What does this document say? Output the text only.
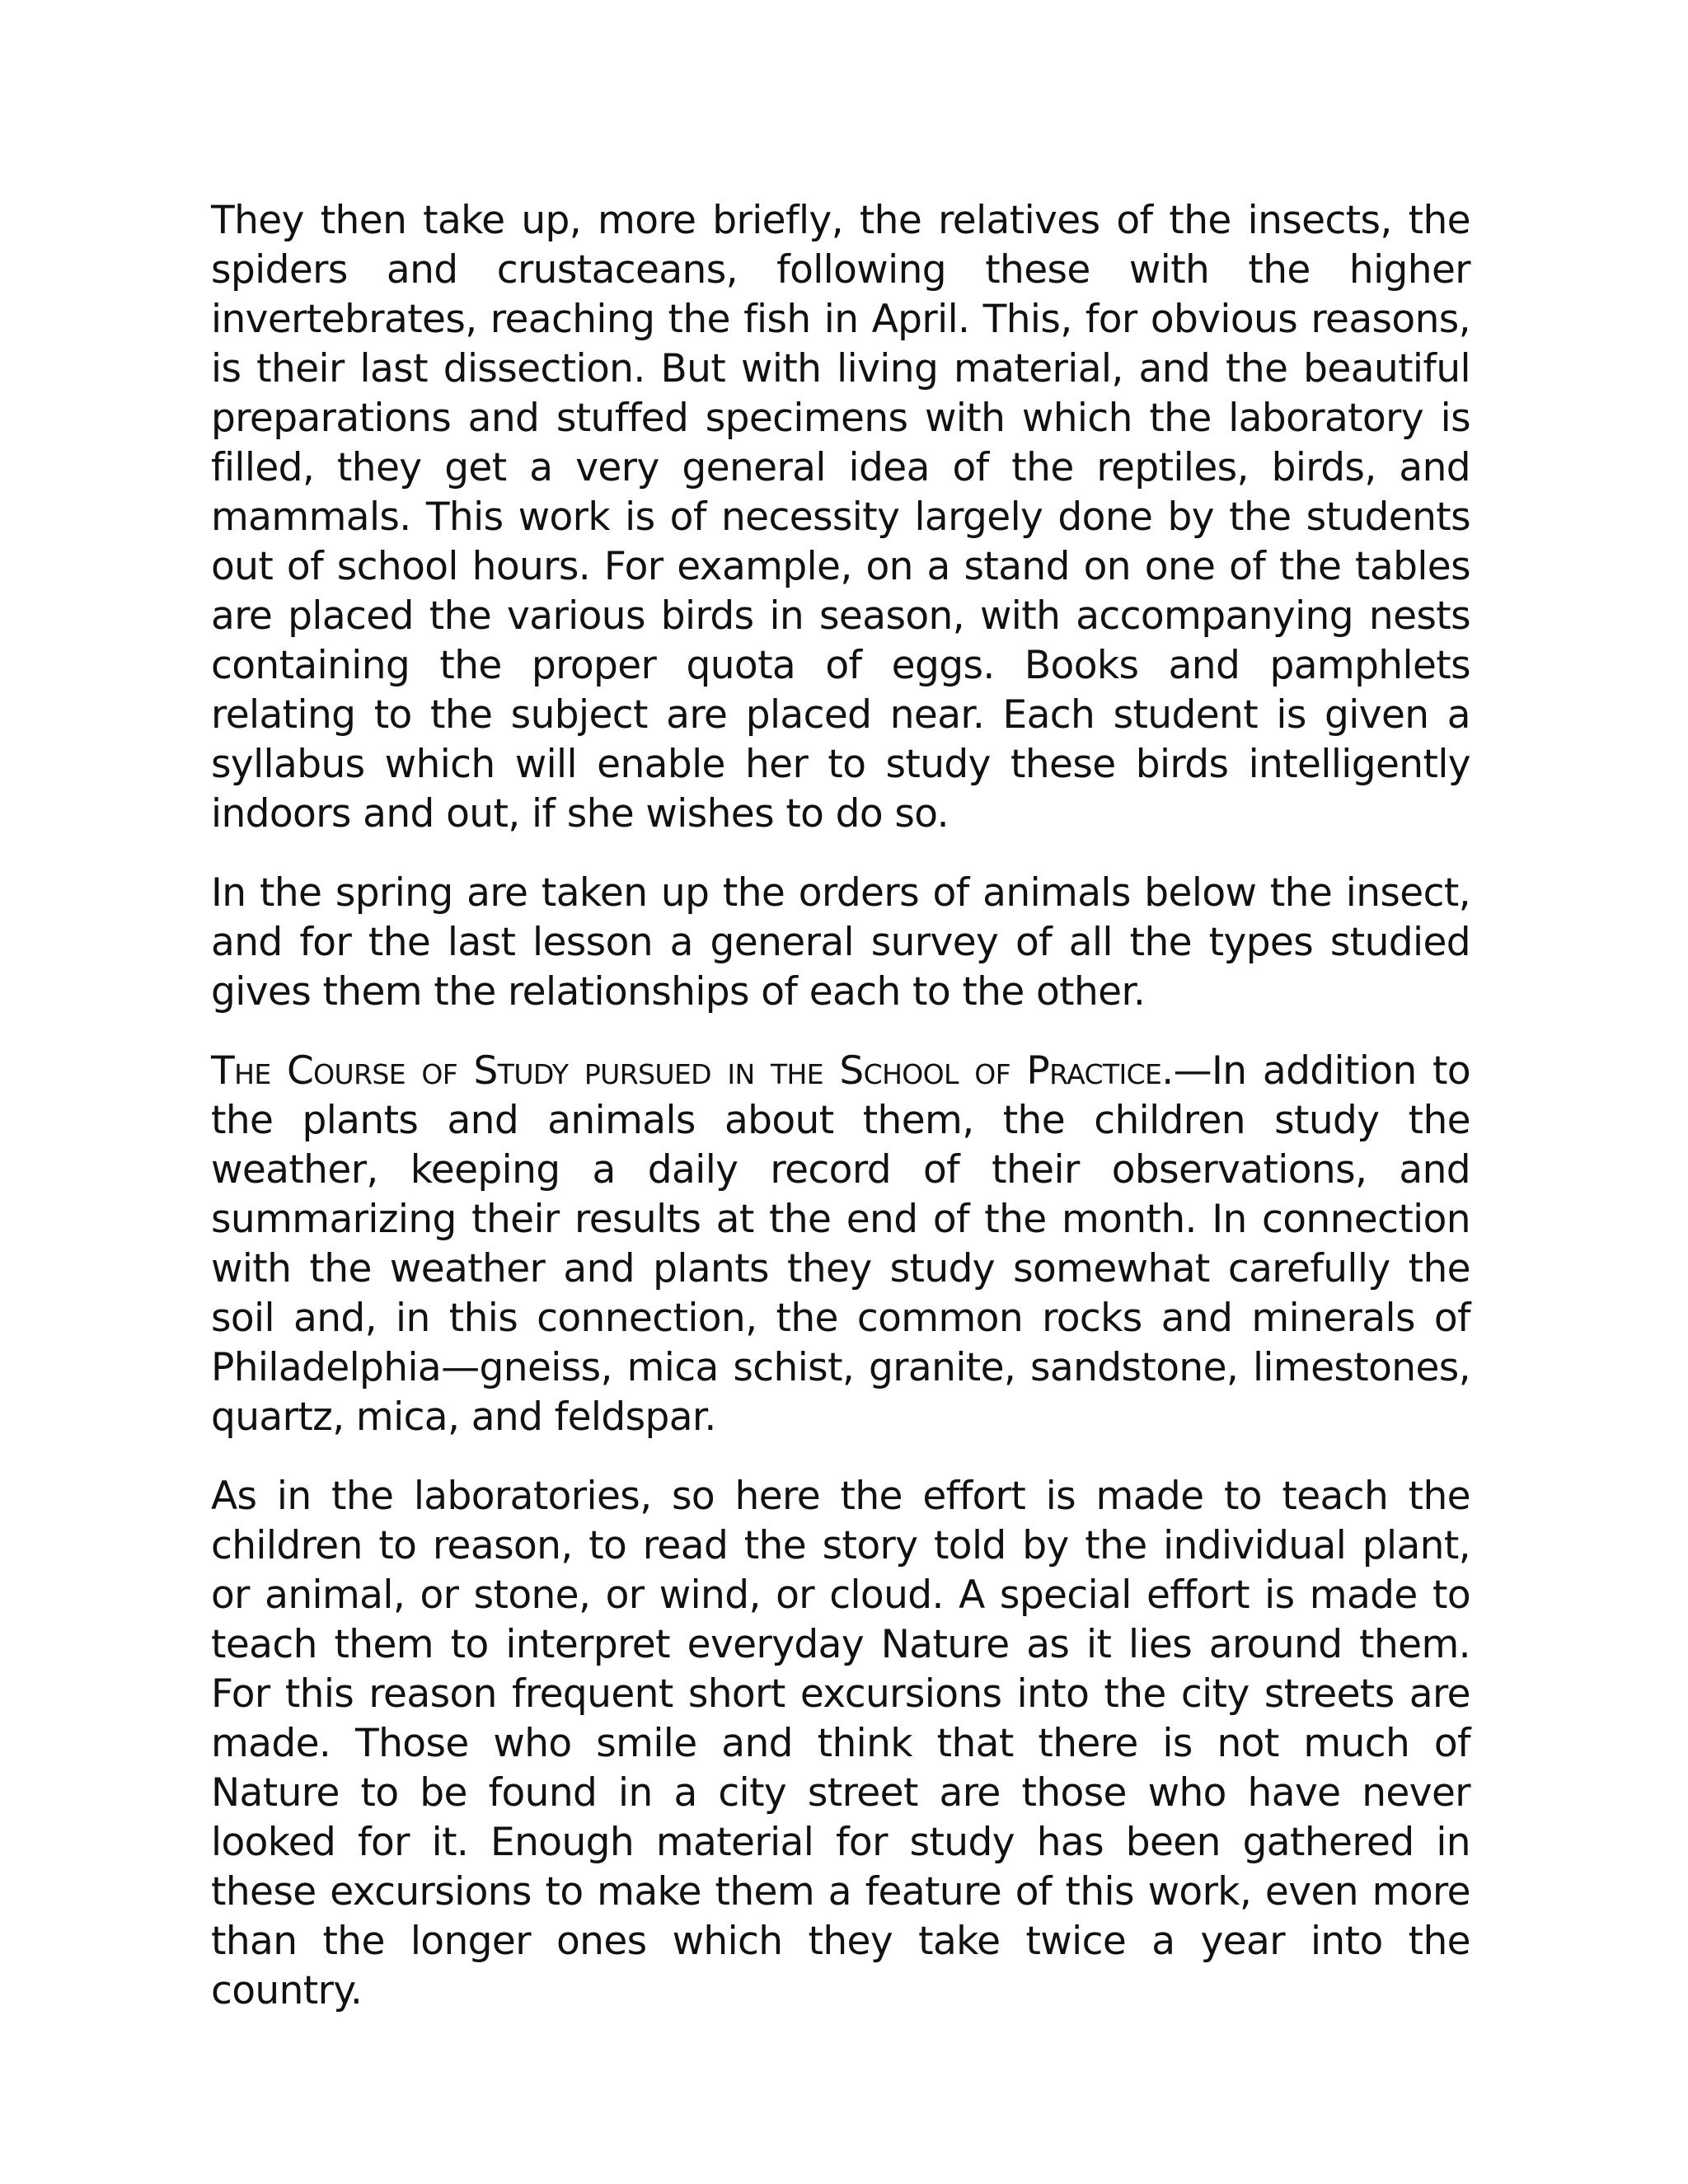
They then take up, more briefly, the relatives of the insects, the spiders and crustaceans, following these with the higher invertebrates, reaching the fish in April. This, for obvious reasons, is their last dissection. But with living material, and the beautiful preparations and stuffed specimens with which the laboratory is filled, they get a very general idea of the reptiles, birds, and mammals. This work is of necessity largely done by the students out of school hours. For example, on a stand on one of the tables are placed the various birds in season, with accompanying nests containing the proper quota of eggs. Books and pamphlets relating to the subject are placed near. Each student is given a syllabus which will enable her to study these birds intelligently indoors and out, if she wishes to do so.

In the spring are taken up the orders of animals below the insect, and for the last lesson a general survey of all the types studied gives them the relationships of each to the other.

The Course of Study pursued in the School of Practice.—In addition to the plants and animals about them, the children study the weather, keeping a daily record of their observations, and summarizing their results at the end of the month. In connection with the weather and plants they study somewhat carefully the soil and, in this connection, the common rocks and minerals of Philadelphia—gneiss, mica schist, granite, sandstone, limestones, quartz, mica, and feldspar.

As in the laboratories, so here the effort is made to teach the children to reason, to read the story told by the individual plant, or animal, or stone, or wind, or cloud. A special effort is made to teach them to interpret everyday Nature as it lies around them. For this reason frequent short excursions into the city streets are made. Those who smile and think that there is not much of Nature to be found in a city street are those who have never looked for it. Enough material for study has been gathered in these excursions to make them a feature of this work, even more than the longer ones which they take twice a year into the country.
